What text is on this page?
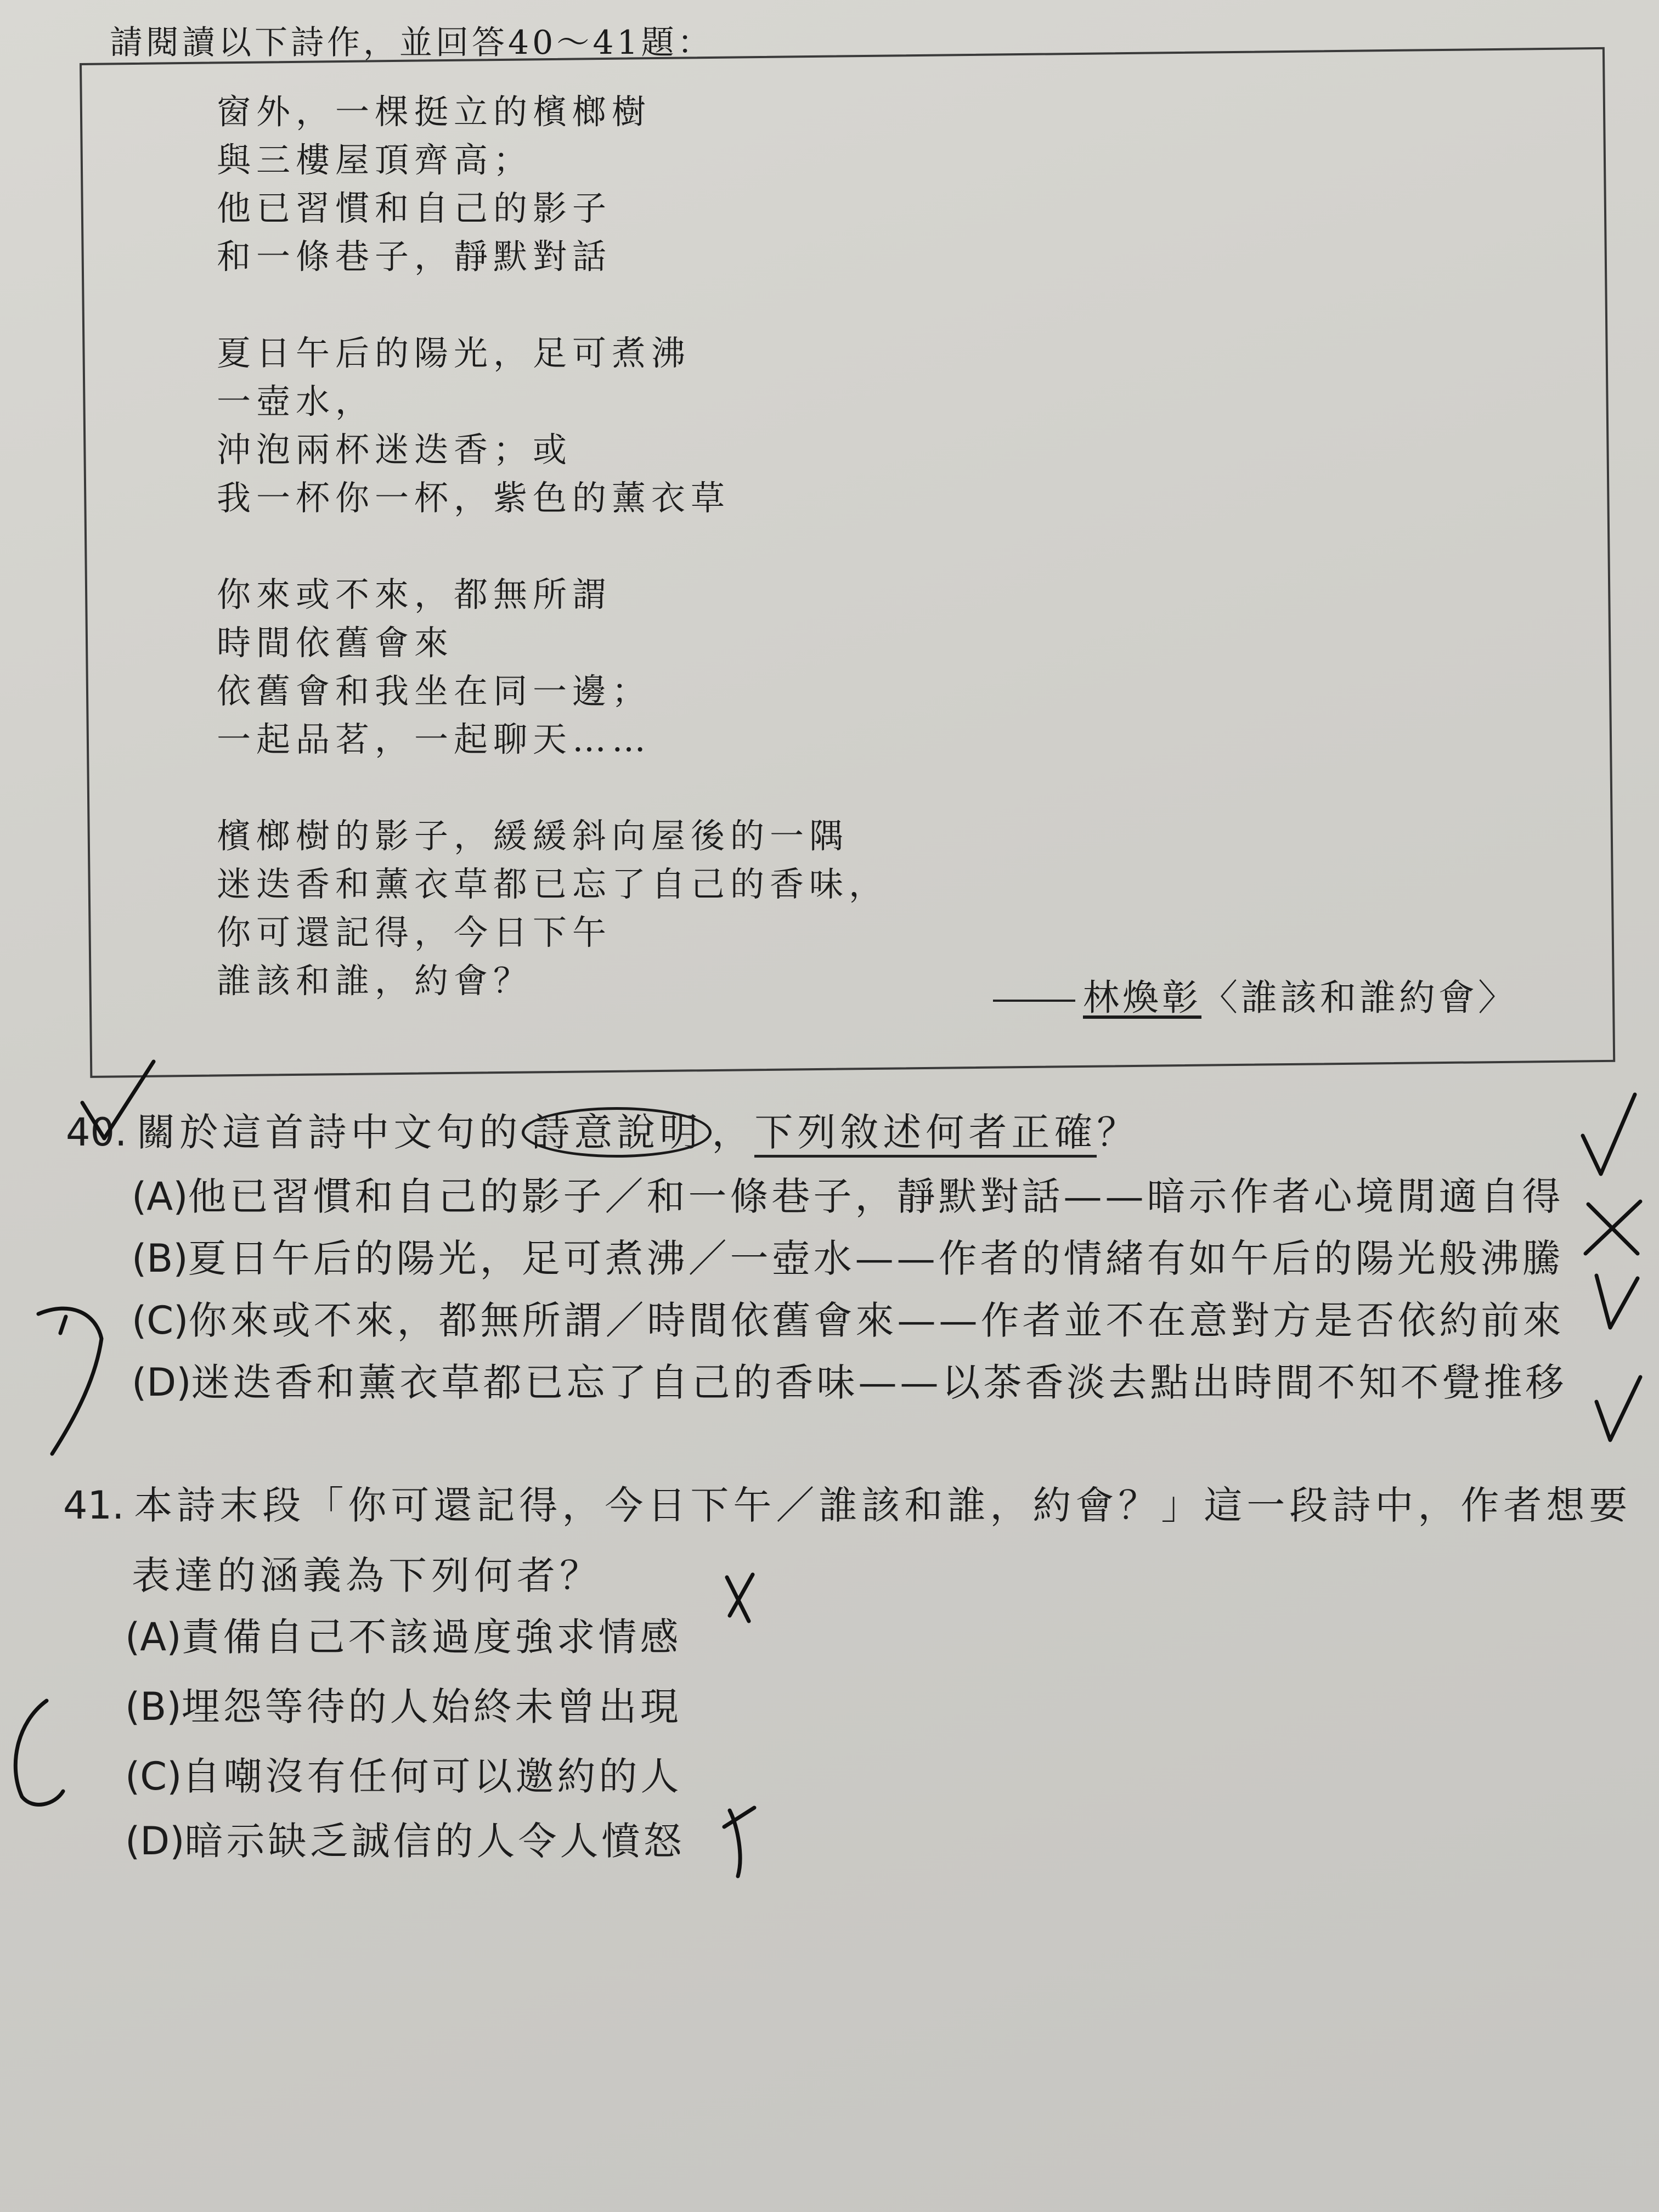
請閱讀以下詩作，並回答40～41題：
窗外，一棵挺立的檳榔樹
與三樓屋頂齊高；
他已習慣和自己的影子
和一條巷子，靜默對話
夏日午后的陽光，足可煮沸
一壺水，
沖泡兩杯迷迭香；或
我一杯你一杯，紫色的薰衣草
你來或不來，都無所謂
時間依舊會來
依舊會和我坐在同一邊；
一起品茗，一起聊天……
檳榔樹的影子，緩緩斜向屋後的一隅
迷迭香和薰衣草都已忘了自己的香味，
你可還記得，今日下午
誰該和誰，約會？	林煥彰〈誰該和誰約會〉
40. 關於這首詩中文句的 詩意說明 ，下列敘述何者正確？
(A)他已習慣和自己的影子／和一條巷子，靜默對話——暗示作者心境閒適自得
(B)夏日午后的陽光，足可煮沸／一壺水——作者的情緒有如午后的陽光般沸騰
(C)你來或不來，都無所謂／時間依舊會來——作者並不在意對方是否依約前來
(D)迷迭香和薰衣草都已忘了自己的香味——以茶香淡去點出時間不知不覺推移
41. 本詩末段「你可還記得，今日下午／誰該和誰，約會？」這一段詩中，作者想要
表達的涵義為下列何者？
(A)責備自己不該過度強求情感
(B)埋怨等待的人始終未曾出現
(C)自嘲沒有任何可以邀約的人
(D)暗示缺乏誠信的人令人憤怒
